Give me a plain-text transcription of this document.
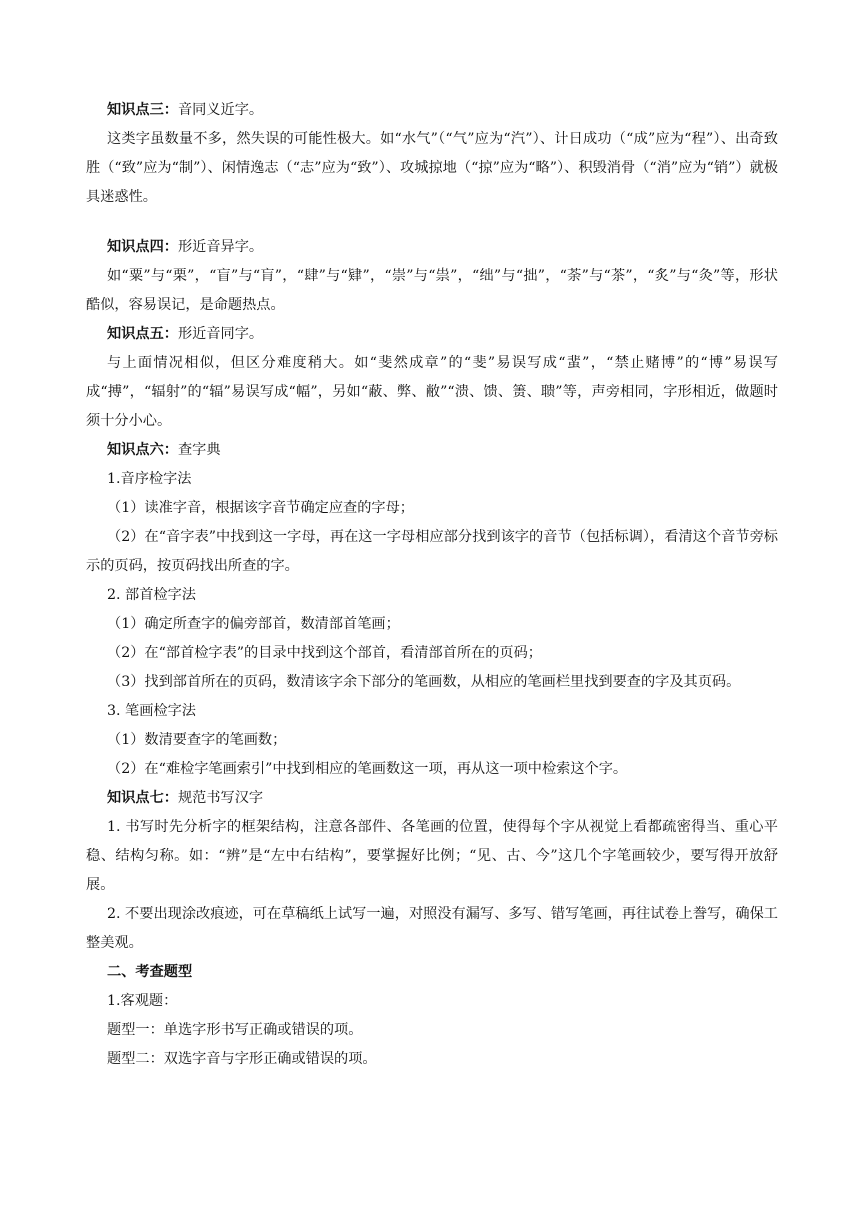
知识点三：音同义近字。

这类字虽数量不多，然失误的可能性极大。如“水气”（“气”应为“汽”）、计日成功（“成”应为“程”）、出奇致胜（“致”应为“制”）、闲情逸志（“志”应为“致”）、攻城掠地（“掠”应为“略”）、积毁消骨（“消”应为“销”）就极具迷惑性。

知识点四：形近音异字。

如“粟”与“栗”，“盲”与“肓”，“肆”与“肄”，“崇”与“祟”，“绌”与“拙”，“荼”与“茶”，“炙”与“灸”等，形状酷似，容易误记，是命题热点。

知识点五：形近音同字。

与上面情况相似，但区分难度稍大。如“斐然成章”的“斐”易误写成“蜚”，“禁止赌博”的“博”易误写成“搏”，“辐射”的“辐”易误写成“幅”，另如“蔽、弊、敝”“溃、馈、箦、聩”等，声旁相同，字形相近，做题时须十分小心。

知识点六：查字典

1.音序检字法

（1）读准字音，根据该字音节确定应查的字母；

（2）在“音字表”中找到这一字母，再在这一字母相应部分找到该字的音节（包括标调），看清这个音节旁标示的页码，按页码找出所查的字。

2. 部首检字法

（1）确定所查字的偏旁部首，数清部首笔画；

（2）在“部首检字表”的目录中找到这个部首，看清部首所在的页码；

（3）找到部首所在的页码，数清该字余下部分的笔画数，从相应的笔画栏里找到要查的字及其页码。

3. 笔画检字法

（1）数清要查字的笔画数；

（2）在“难检字笔画索引”中找到相应的笔画数这一项，再从这一项中检索这个字。

知识点七：规范书写汉字

1. 书写时先分析字的框架结构，注意各部件、各笔画的位置，使得每个字从视觉上看都疏密得当、重心平稳、结构匀称。如：“辨”是“左中右结构”，要掌握好比例；“见、古、今”这几个字笔画较少，要写得开放舒展。

2. 不要出现涂改痕迹，可在草稿纸上试写一遍，对照没有漏写、多写、错写笔画，再往试卷上誊写，确保工整美观。

二、考查题型

1.客观题：

题型一：单选字形书写正确或错误的项。

题型二：双选字音与字形正确或错误的项。
